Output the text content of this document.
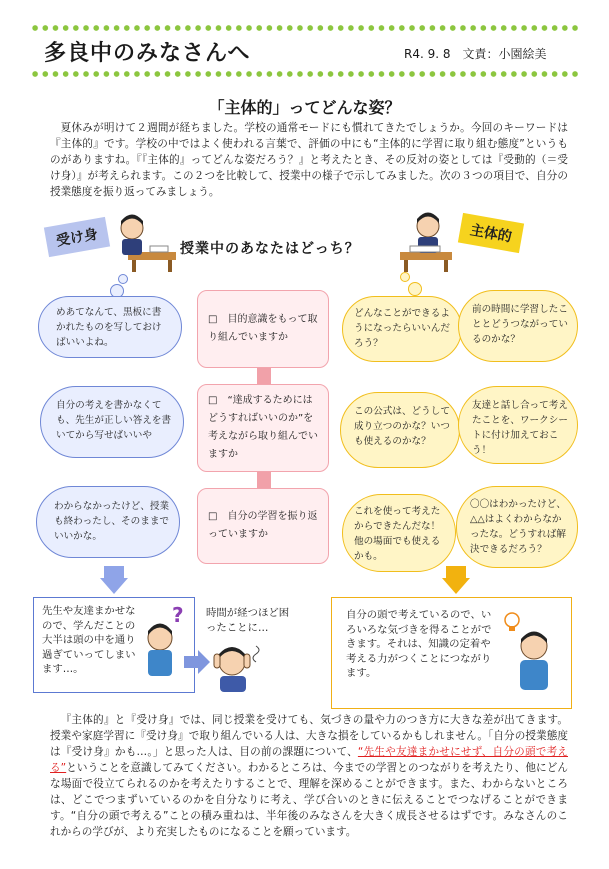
多良中のみなさんへ	R4. 9. 8　文責：小園絵美
「主体的」ってどんな姿？
夏休みが明けて２週間が経ちました。学校の通常モードにも慣れてきたでしょうか。今回のキーワードは『主体的』です。学校の中ではよく使われる言葉で、評価の中にも“主体的に学習に取り組む態度”というものがありますね。『『主体的』ってどんな姿だろう？』と考えたとき、その反対の姿としては『受動的（＝受け身）』が考えられます。この２つを比較して、授業中の様子で示してみました。次の３つの項目で、自分の授業態度を振り返ってみましょう。
受け身	主体的
授業中のあなたはどっち？
めあてなんて、黒板に書かれたものを写しておけばいいよね。
自分の考えを書かなくても、先生が正しい答えを書いてから写せばいいや
わからなかったけど、授業も終わったし、そのままでいいかな。
□　目的意識をもって取り組んでいますか
□　“達成するためにはどうすればいいのか”を考えながら取り組んでいますか
□　自分の学習を振り返っていますか
どんなことができるようになったらいいんだろう？
前の時間に学習したこととどうつながっているのかな？
この公式は、どうして成り立つのかな？いつも使えるのかな？
友達と話し合って考えたことを、ワークシートに付け加えておこう！
これを使って考えたからできたんだな！他の場面でも使えるかも。
〇〇はわかったけど、△△はよくわからなかったな。どうすれば解決できるだろう？
先生や友達まかせなので、学んだことの大半は頭の中を通り過ぎていってしまいます…。
? 時間が経つほど困ったことに…
自分の頭で考えているので、いろいろな気づきを得ることができます。それは、知識の定着や考える力がつくことにつながります。
『主体的』と『受け身』では、同じ授業を受けても、気づきの量や力のつき方に大きな差が出てきます。授業や家庭学習に『受け身』で取り組んでいる人は、大きな損をしているかもしれません。「自分の授業態度は『受け身』かも…。」と思った人は、目の前の課題について、“先生や友達まかせにせず、自分の頭で考える”ということを意識してみてください。わかるところは、今までの学習とのつながりを考えたり、他にどんな場面で役立てられるのかを考えたりすることで、理解を深めることができます。また、わからないところは、どこでつまずいているのかを自分なりに考え、学び合いのときに伝えることでつなげることができます。“自分の頭で考える”ことの積み重ねは、半年後のみなさんを大きく成長させるはずです。みなさんのこれからの学びが、より充実したものになることを願っています。
